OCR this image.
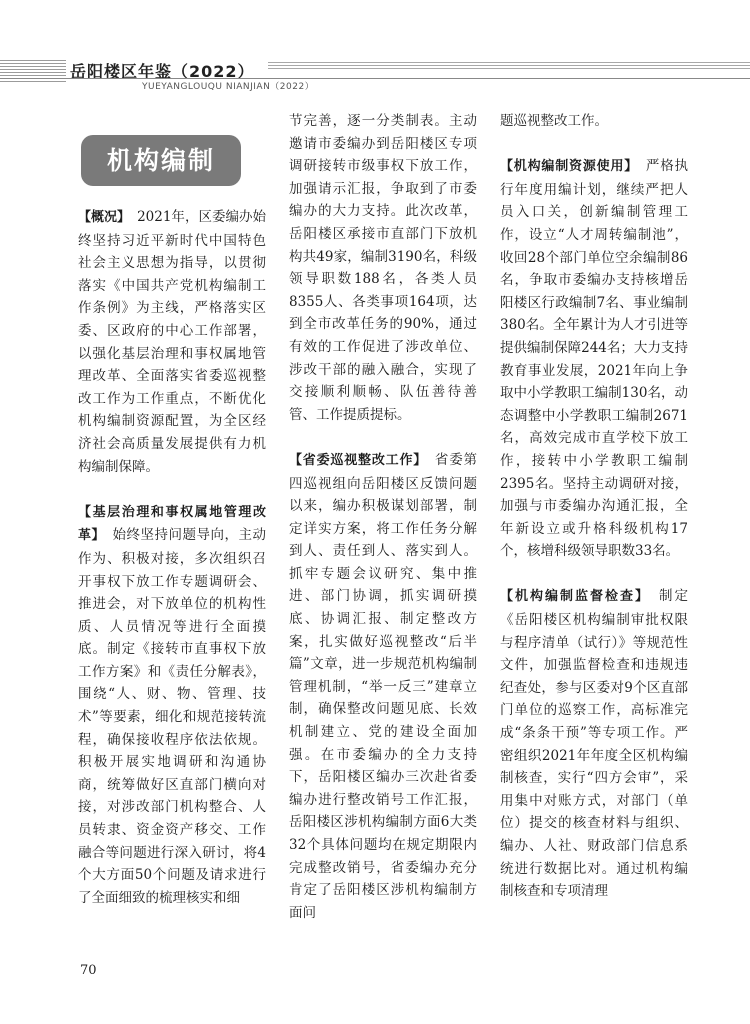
岳阳楼区年鉴（2022）
YUEYANGLOUQU NIANJIAN（2022）
机构编制

【概况】　 2021年，区委编办始终坚持习近平新时代中国特色社会主义思想为指导，以贯彻落实《中国共产党机构编制工作条例》为主线，严格落实区委、区政府的中心工作部署，以强化基层治理和事权属地管理改革、全面落实省委巡视整改工作为工作重点，不断优化机构编制资源配置，为全区经济社会高质量发展提供有力机构编制保障。

【基层治理和事权属地管理改革】　 始终坚持问题导向，主动作为、积极对接，多次组织召开事权下放工作专题调研会、推进会，对下放单位的机构性质、人员情况等进行全面摸底。制定《接转市直事权下放工作方案》和《责任分解表》，围绕“人、财、物、管理、技术”等要素，细化和规范接转流程，确保接收程序依法依规。积极开展实地调研和沟通协商，统筹做好区直部门横向对接，对涉改部门机构整合、人员转隶、资金资产移交、工作融合等问题进行深入研讨，将4个大方面50个问题及请求进行了全面细致的梳理核实和细

节完善，逐一分类制表。主动邀请市委编办到岳阳楼区专项调研接转市级事权下放工作，加强请示汇报，争取到了市委编办的大力支持。此次改革，岳阳楼区承接市直部门下放机构共49家，编制3190名，科级领导职数188名，各类人员8355人、各类事项164项，达到全市改革任务的90%，通过有效的工作促进了涉改单位、涉改干部的融入融合，实现了交接顺利顺畅、队伍善待善管、工作提质提标。

【省委巡视整改工作】　 省委第四巡视组向岳阳楼区反馈问题以来，编办积极谋划部署，制定详实方案，将工作任务分解到人、责任到人、落实到人。抓牢专题会议研究、集中推进、部门协调，抓实调研摸底、协调汇报、制定整改方案，扎实做好巡视整改“后半篇”文章，进一步规范机构编制管理机制，“举一反三”建章立制，确保整改问题见底、长效机制建立、党的建设全面加强。在市委编办的全力支持下，岳阳楼区编办三次赴省委编办进行整改销号工作汇报，岳阳楼区涉机构编制方面6大类32个具体问题均在规定期限内完成整改销号，省委编办充分肯定了岳阳楼区涉机构编制方面问

题巡视整改工作。

【机构编制资源使用】　 严格执行年度用编计划，继续严把人员入口关，创新编制管理工作，设立“人才周转编制池”，收回28个部门单位空余编制86名，争取市委编办支持核增岳阳楼区行政编制7名、事业编制380名。全年累计为人才引进等提供编制保障244名；大力支持教育事业发展，2021年向上争取中小学教职工编制130名，动态调整中小学教职工编制2671名，高效完成市直学校下放工作，接转中小学教职工编制2395名。坚持主动调研对接，加强与市委编办沟通汇报，全年新设立或升格科级机构17个，核增科级领导职数33名。

【机构编制监督检查】　 制定《岳阳楼区机构编制审批权限与程序清单（试行）》等规范性文件，加强监督检查和违规违纪查处，参与区委对9个区直部门单位的巡察工作，高标准完成“条条干预”等专项工作。严密组织2021年年度全区机构编制核查，实行“四方会审”，采用集中对账方式，对部门（单位）提交的核查材料与组织、编办、人社、财政部门信息系统进行数据比对。通过机构编制核查和专项清理

70
